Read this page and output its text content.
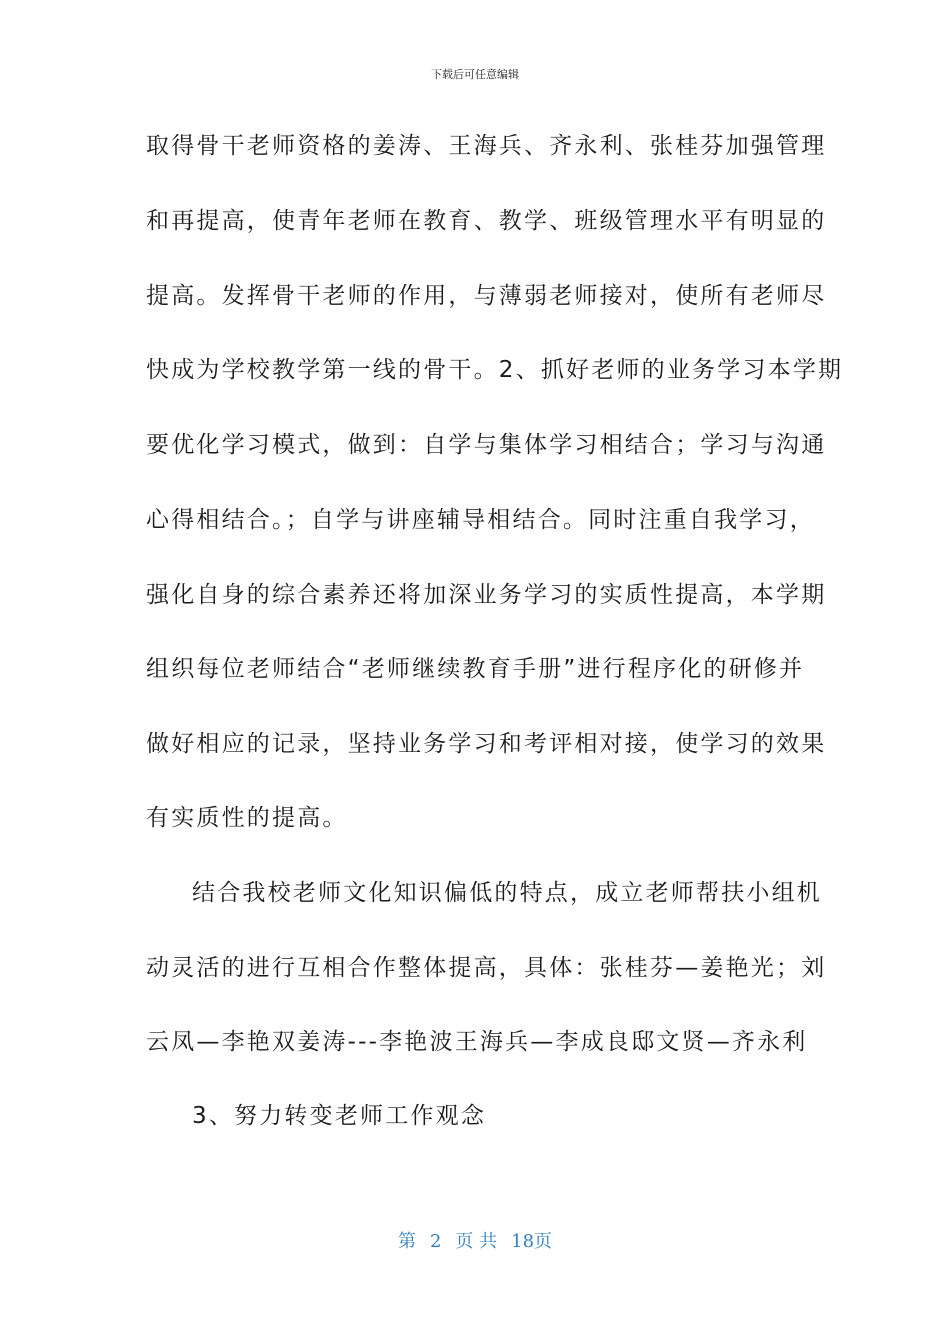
下载后可任意编辑
取得骨干老师资格的姜涛、王海兵、齐永利、张桂芬加强管理
和再提高，使青年老师在教育、教学、班级管理水平有明显的
提高。发挥骨干老师的作用，与薄弱老师接对，使所有老师尽
快成为学校教学第一线的骨干。2、抓好老师的业务学习本学期
要优化学习模式，做到：自学与集体学习相结合；学习与沟通
心得相结合。；自学与讲座辅导相结合。同时注重自我学习，
强化自身的综合素养还将加深业务学习的实质性提高，本学期
组织每位老师结合“老师继续教育手册”进行程序化的研修并
做好相应的记录，坚持业务学习和考评相对接，使学习的效果
有实质性的提高。
结合我校老师文化知识偏低的特点，成立老师帮扶小组机
动灵活的进行互相合作整体提高，具体：张桂芬—姜艳光；刘
云凤—李艳双姜涛---李艳波王海兵—李成良邸文贤—齐永利
3、努力转变老师工作观念
第 2 页 共 18页
